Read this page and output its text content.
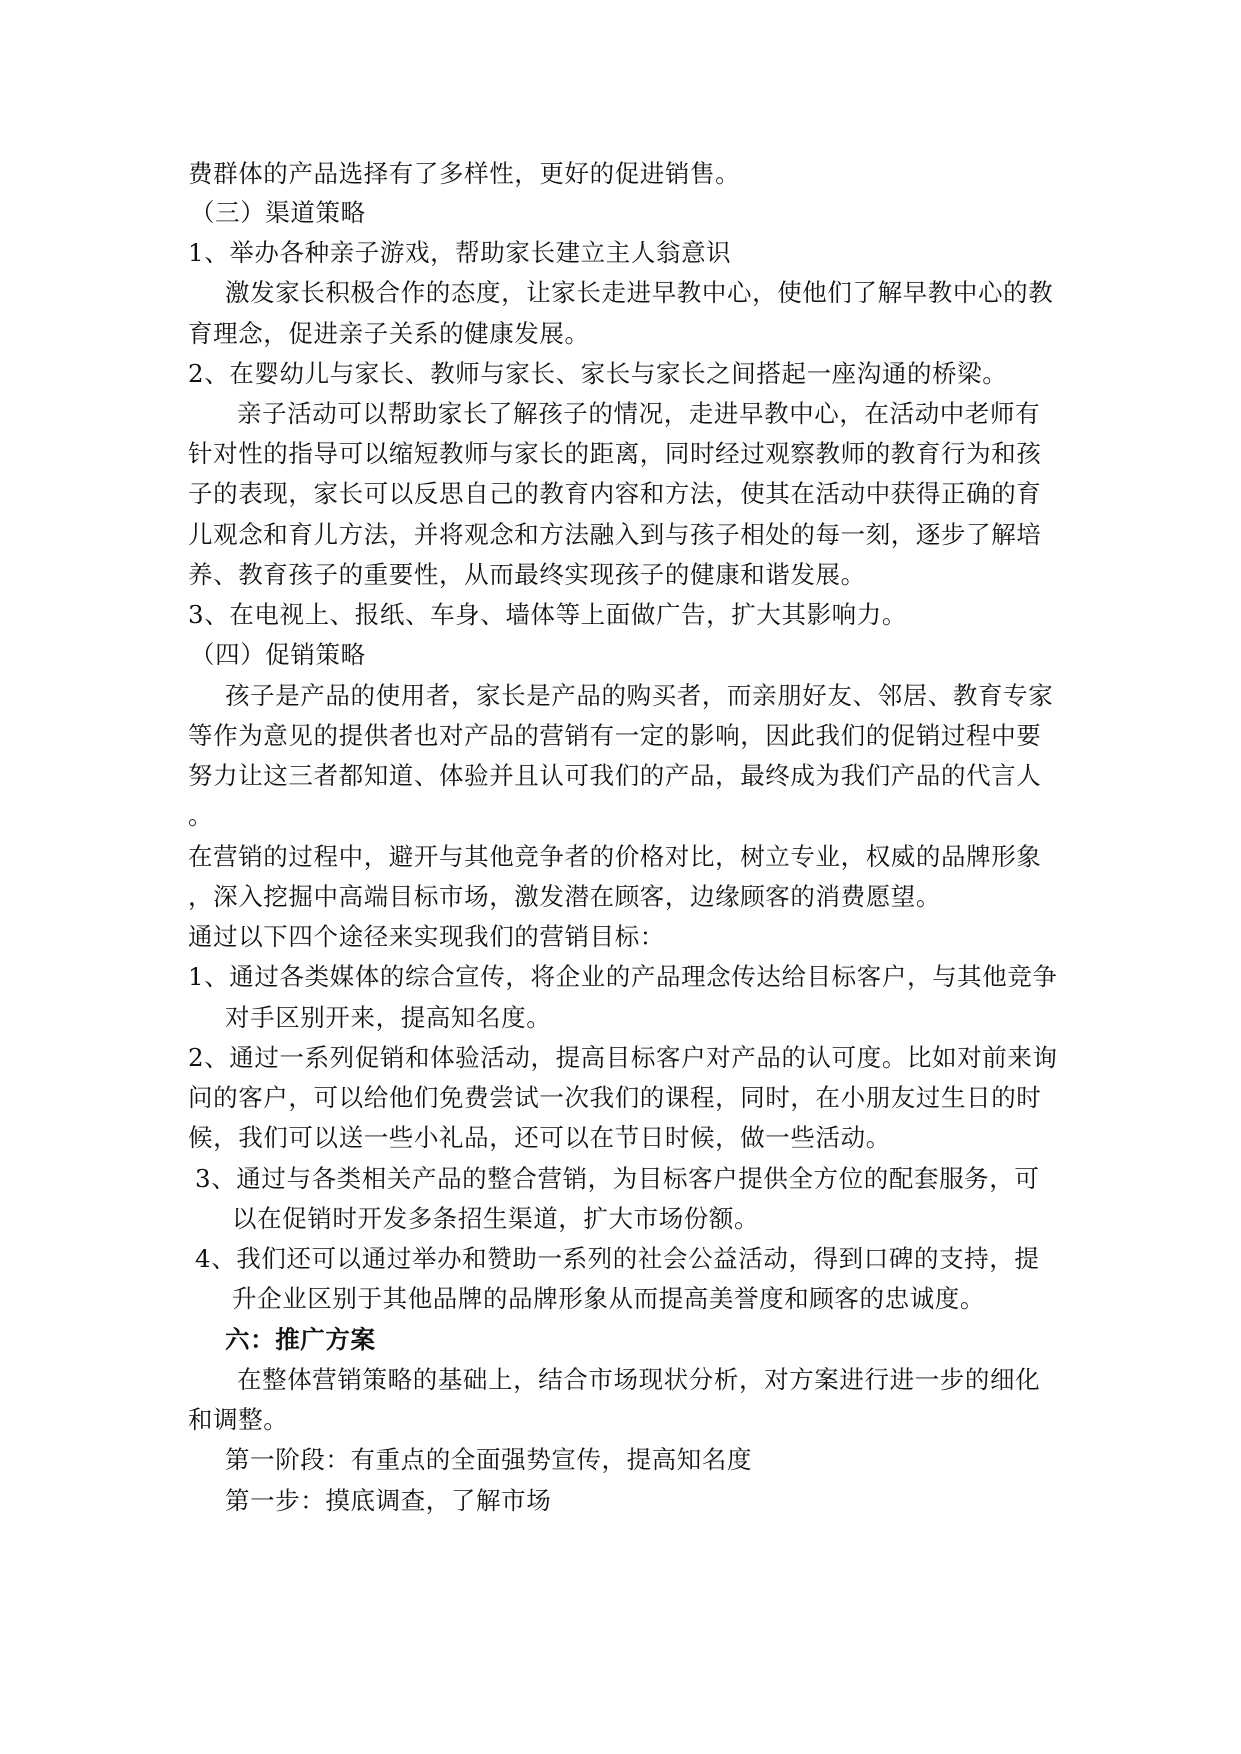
费群体的产品选择有了多样性，更好的促进销售。
（三）渠道策略
1、举办各种亲子游戏，帮助家长建立主人翁意识
激发家长积极合作的态度，让家长走进早教中心，使他们了解早教中心的教
育理念，促进亲子关系的健康发展。
2、在婴幼儿与家长、教师与家长、家长与家长之间搭起一座沟通的桥梁。
亲子活动可以帮助家长了解孩子的情况，走进早教中心，在活动中老师有
针对性的指导可以缩短教师与家长的距离，同时经过观察教师的教育行为和孩
子的表现，家长可以反思自己的教育内容和方法，使其在活动中获得正确的育
儿观念和育儿方法，并将观念和方法融入到与孩子相处的每一刻，逐步了解培
养、教育孩子的重要性，从而最终实现孩子的健康和谐发展。
3、在电视上、报纸、车身、墙体等上面做广告，扩大其影响力。
（四）促销策略
孩子是产品的使用者，家长是产品的购买者，而亲朋好友、邻居、教育专家
等作为意见的提供者也对产品的营销有一定的影响，因此我们的促销过程中要
努力让这三者都知道、体验并且认可我们的产品，最终成为我们产品的代言人
。
在营销的过程中，避开与其他竞争者的价格对比，树立专业，权威的品牌形象
，深入挖掘中高端目标市场，激发潜在顾客，边缘顾客的消费愿望。
通过以下四个途径来实现我们的营销目标：
1、通过各类媒体的综合宣传，将企业的产品理念传达给目标客户，与其他竞争
对手区别开来，提高知名度。
2、通过一系列促销和体验活动，提高目标客户对产品的认可度。比如对前来询
问的客户，可以给他们免费尝试一次我们的课程，同时，在小朋友过生日的时
候，我们可以送一些小礼品，还可以在节日时候，做一些活动。
3、通过与各类相关产品的整合营销，为目标客户提供全方位的配套服务，可
以在促销时开发多条招生渠道，扩大市场份额。
4、我们还可以通过举办和赞助一系列的社会公益活动，得到口碑的支持，提
升企业区别于其他品牌的品牌形象从而提高美誉度和顾客的忠诚度。
六：推广方案
在整体营销策略的基础上，结合市场现状分析，对方案进行进一步的细化
和调整。
第一阶段：有重点的全面强势宣传，提高知名度
第一步：摸底调查，了解市场
